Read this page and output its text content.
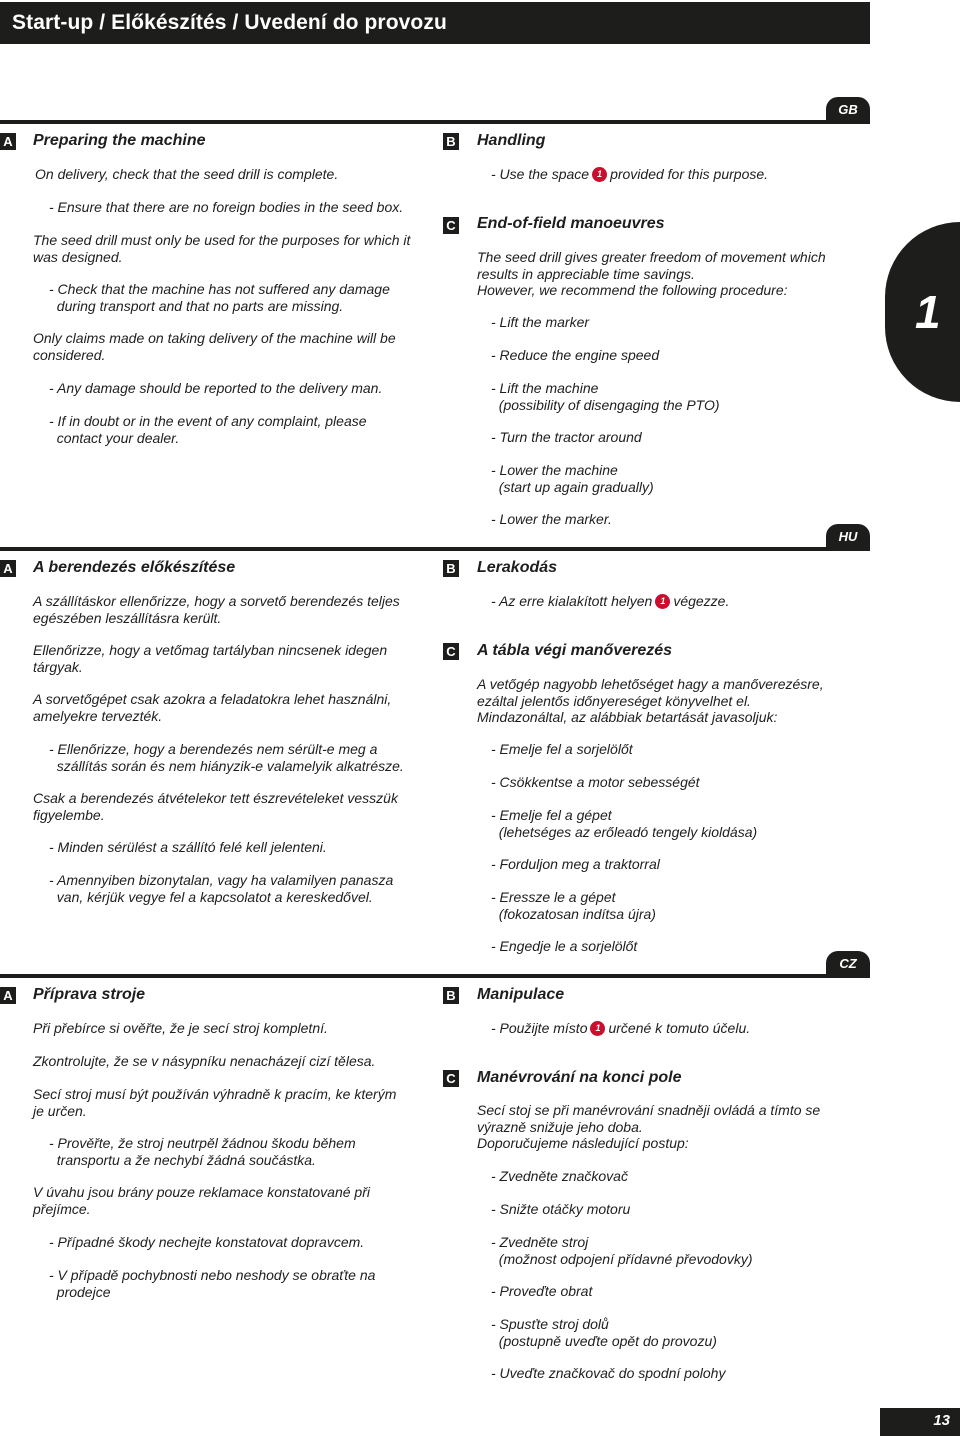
Start-up / Előkészítés / Uvedení do provozu
1
GB
A Preparing the machine
On delivery, check that the seed drill is complete.
- Ensure that there are no foreign bodies in the seed box.
The seed drill must only be used for the purposes for which it
was designed.
- Check that the machine has not suffered any damage
during transport and that no parts are missing.
Only claims made on taking delivery of the machine will be
considered.
- Any damage should be reported to the delivery man.
- If in doubt or in the event of any complaint, please
contact your dealer.
B Handling
- Use the space 1 provided for this purpose.
C End-of-field manoeuvres
The seed drill gives greater freedom of movement which
results in appreciable time savings.
However, we recommend the following procedure:
- Lift the marker
- Reduce the engine speed
- Lift the machine
(possibility of disengaging the PTO)
- Turn the tractor around
- Lower the machine
(start up again gradually)
- Lower the marker.
HU
A A berendezés előkészítése
A szállításkor ellenőrizze, hogy a sorvető berendezés teljes
egészében leszállításra került.
Ellenőrizze, hogy a vetőmag tartályban nincsenek idegen
tárgyak.
A sorvetőgépet csak azokra a feladatokra lehet használni,
amelyekre tervezték.
- Ellenőrizze, hogy a berendezés nem sérült-e meg a
szállítás során és nem hiányzik-e valamelyik alkatrésze.
Csak a berendezés átvételekor tett észrevételeket vesszük
figyelembe.
- Minden sérülést a szállító felé kell jelenteni.
- Amennyiben bizonytalan, vagy ha valamilyen panasza
van, kérjük vegye fel a kapcsolatot a kereskedővel.
B Lerakodás
- Az erre kialakított helyen 1 végezze.
C A tábla végi manőverezés
A vetőgép nagyobb lehetőséget hagy a manőverezésre,
ezáltal jelentős időnyereséget könyvelhet el.
Mindazonáltal, az alábbiak betartását javasoljuk:
- Emelje fel a sorjelölőt
- Csökkentse a motor sebességét
- Emelje fel a gépet
(lehetséges az erőleadó tengely kioldása)
- Forduljon meg a traktorral
- Eressze le a gépet
(fokozatosan indítsa újra)
- Engedje le a sorjelölőt
CZ
A Příprava stroje
Při přebírce si ověřte, že je secí stroj kompletní.
Zkontrolujte, že se v násypníku nenacházejí cizí tělesa.
Secí stroj musí být používán výhradně k pracím, ke kterým
je určen.
- Prověřte, že stroj neutrpěl žádnou škodu během
transportu a že nechybí žádná součástka.
V úvahu jsou brány pouze reklamace konstatované při
přejímce.
- Případné škody nechejte konstatovat dopravcem.
- V případě pochybnosti nebo neshody se obraťte na
prodejce
B Manipulace
- Použijte místo 1 určené k tomuto účelu.
C Manévrování na konci pole
Secí stoj se při manévrování snadněji ovládá a tímto se
výrazně snižuje jeho doba.
Doporučujeme následující postup:
- Zvedněte značkovač
- Snižte otáčky motoru
- Zvedněte stroj
(možnost odpojení přídavné převodovky)
- Proveďte obrat
- Spusťte stroj dolů
(postupně uveďte opět do provozu)
- Uveďte značkovač do spodní polohy
13
